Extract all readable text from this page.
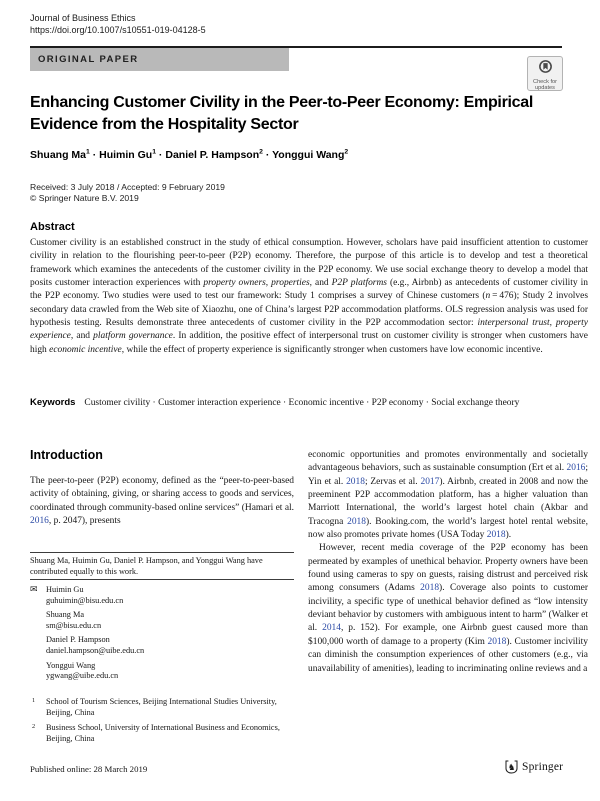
Journal of Business Ethics
https://doi.org/10.1007/s10551-019-04128-5
ORIGINAL PAPER
Check for
updates
Enhancing Customer Civility in the Peer-to-Peer Economy: Empirical Evidence from the Hospitality Sector
Shuang $Ma^1 \cdot Huimin$ $Gu^1$ · Daniel P. Hampson$^2$ · Yonggui Wang$^2$
Received: 3 July 2018 / Accepted: 9 February 2019
© Springer Nature B.V. 2019
Abstract
Customer civility is an established construct in the study of ethical consumption. However, scholars have paid insufficient attention to customer civility in relation to the flourishing peer-to-peer (P2P) economy. Therefore, the purpose of this article is to develop and test a theoretical framework which examines the antecedents of the customer civility in the P2P economy. We use social exchange theory to develop a model that posits customer interaction experiences with property owners, properties, and P2P platforms (e.g., Airbnb) as antecedents of customer civility in the P2P economy. Two studies were used to test our framework: Study 1 comprises a survey of Chinese customers (n = 476); Study 2 involves secondary data crawled from the Web site of Xiaozhu, one of China’s largest P2P accommodation platforms. OLS regression analysis was used for hypothesis testing. Results demonstrate three antecedents of customer civility in the P2P accommodation sector: interpersonal trust, property experience, and platform governance. In addition, the positive effect of interpersonal trust on customer civility is stronger when customers have high economic incentive, while the effect of property experience is significantly stronger when customers have low economic incentive.
Keywords Customer civility · Customer interaction experience · Economic incentive · P2P economy · Social exchange theory
Introduction
The peer-to-peer (P2P) economy, defined as the “peer-to-peer-based activity of obtaining, giving, or sharing access to goods and services, coordinated through community-based online services” (Hamari et al. 2016, p. 2047), presents
Shuang Ma, Huimin Gu, Daniel P. Hampson, and Yonggui Wang have contributed equally to this work.
✉ Huimin Gu
guhuimin@bisu.edu.cn
Shuang Ma
sm@bisu.edu.cn
Daniel P. Hampson
daniel.hampson@uibe.edu.cn
Yonggui Wang
ygwang@uibe.edu.cn
1 School of Tourism Sciences, Beijing International Studies University, Beijing, China
2 Business School, University of International Business and Economics, Beijing, China

economic opportunities and promotes environmentally and societally advantageous behaviors, such as sustainable consumption (Ert et al. 2016; Yin et al. 2018; Zervas et al. 2017). Airbnb, created in 2008 and now the preeminent P2P accommodation platform, has a higher valuation than Marriott International, the world’s largest hotel chain (Akbar and Tracogna 2018). Booking.com, the world’s largest hotel rental website, now also promotes private homes (USA Today 2018).

However, recent media coverage of the P2P economy has been permeated by examples of unethical behavior. Property owners have been found using cameras to spy on guests, raising distrust and perceived risk among consumers (Adams 2018). Coverage also points to customer incivility, a specific type of unethical behavior defined as “low intensity deviant behavior by customers with ambiguous intent to harm” (Walker et al. 2014, p. 152). For example, one Airbnb guest caused more than $100,000 worth of damage to a property (Kim 2018). Customer incivility can diminish the consumption experiences of other customers (e.g., via unavailability of amenities), leading to incriminating online reviews and a

Published online: 28 March 2019	♞ Springer
